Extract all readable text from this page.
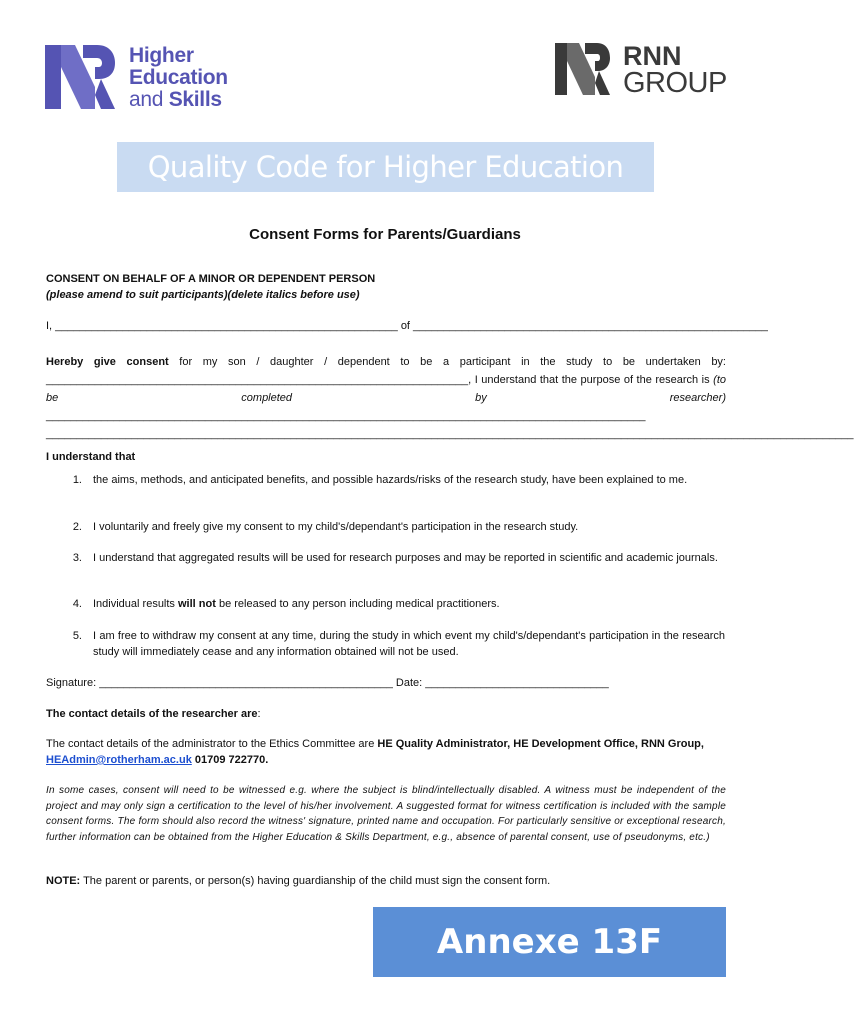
Higher
Education
and Skills
RNN
GROUP
Quality Code for Higher Education
Consent Forms for Parents/Guardians
CONSENT ON BEHALF OF A MINOR OR DEPENDENT PERSON
(please amend to suit participants)(delete italics before use)
I, ________________________________________________________ of __________________________________________________________
Hereby give consent for my son / daughter / dependent to be a participant in the study to be undertaken by: _____________________________________________________________________, I understand that the purpose of the research is (to be completed by researcher) __________________________________________________________________________________________________ ____________________________________________________________________________________________________________________________________
I understand that
1. the aims, methods, and anticipated benefits, and possible hazards/risks of the research study, have been explained to me.
2. I voluntarily and freely give my consent to my child's/dependant's participation in the research study.
3. I understand that aggregated results will be used for research purposes and may be reported in scientific and academic journals.
4. Individual results will not be released to any person including medical practitioners.
5. I am free to withdraw my consent at any time, during the study in which event my child's/dependant's participation in the research study will immediately cease and any information obtained will not be used.
Signature: ________________________________________________ Date: ______________________________
The contact details of the researcher are:
The contact details of the administrator to the Ethics Committee are HE Quality Administrator, HE Development Office, RNN Group, HEAdmin@rotherham.ac.uk 01709 722770.
In some cases, consent will need to be witnessed e.g. where the subject is blind/intellectually disabled. A witness must be independent of the project and may only sign a certification to the level of his/her involvement. A suggested format for witness certification is included with the sample consent forms. The form should also record the witness' signature, printed name and occupation. For particularly sensitive or exceptional research, further information can be obtained from the Higher Education & Skills Department, e.g., absence of parental consent, use of pseudonyms, etc.)
NOTE: The parent or parents, or person(s) having guardianship of the child must sign the consent form.
Annexe 13F
